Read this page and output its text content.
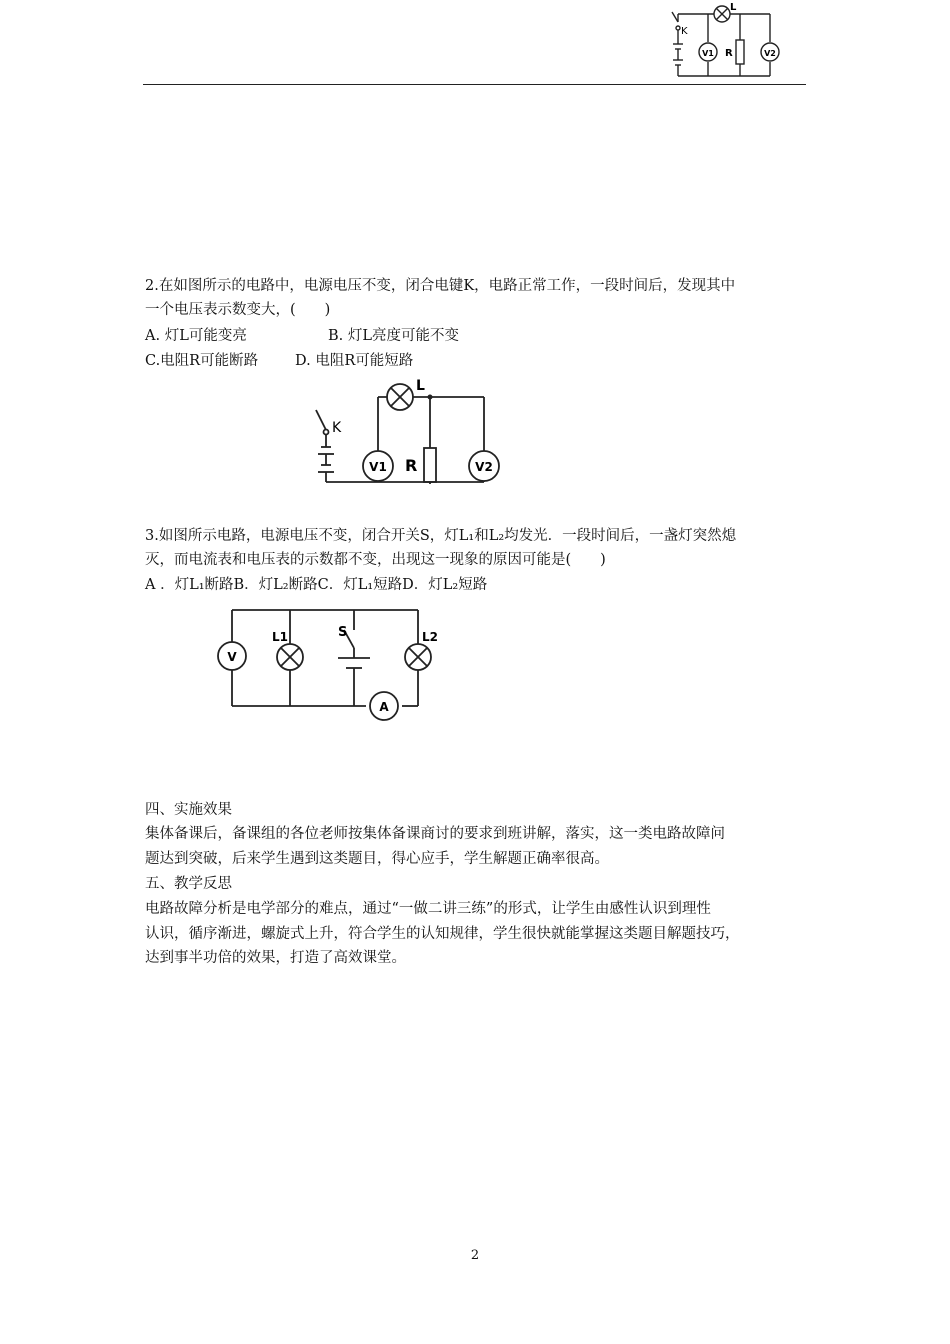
K
L
V1 R	V2
2.在如图所示的电路中，电源电压不变，闭合电键K，电路正常工作，一段时间后，发现其中
一个电压表示数变大，(　　)
A. 灯L可能变亮	B. 灯L亮度可能不变
C.电阻R可能断路	D. 电阻R可能短路
K
L
V1 R	V2
3.如图所示电路，电源电压不变，闭合开关S，灯L₁和L₂均发光．一段时间后，一盏灯突然熄
灭，而电流表和电压表的示数都不变，出现这一现象的原因可能是(　　)
A ．灯L₁断路B．灯L₂断路C．灯L₁短路D．灯L₂短路
V
L1	S	L2
A
四、实施效果
集体备课后，备课组的各位老师按集体备课商讨的要求到班讲解，落实，这一类电路故障问
题达到突破，后来学生遇到这类题目，得心应手，学生解题正确率很高。
五、教学反思
电路故障分析是电学部分的难点，通过“一做二讲三练”的形式，让学生由感性认识到理性
认识，循序渐进，螺旋式上升，符合学生的认知规律，学生很快就能掌握这类题目解题技巧，
达到事半功倍的效果，打造了高效课堂。
2
